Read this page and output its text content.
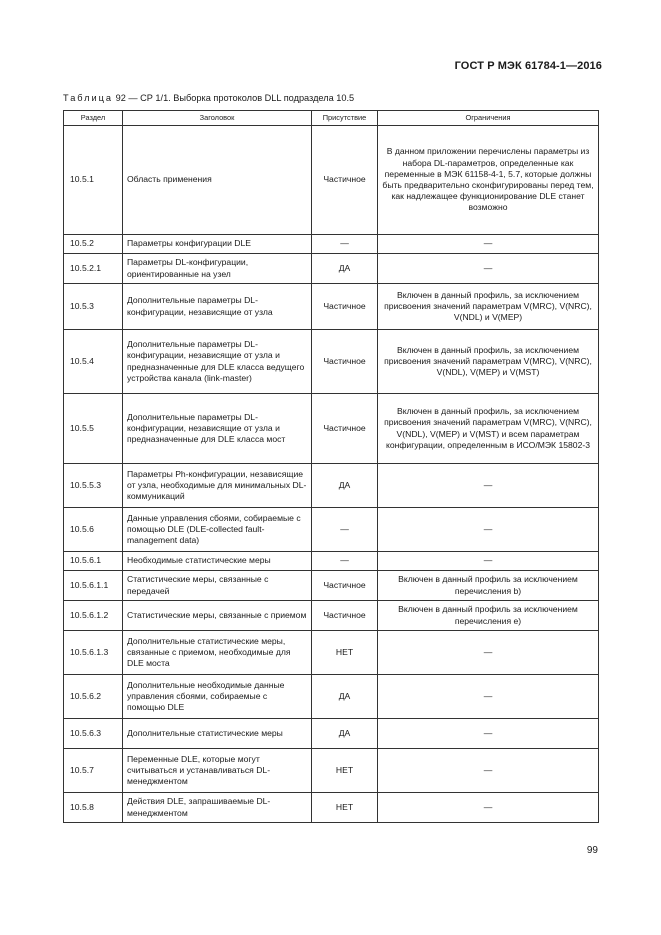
ГОСТ Р МЭК 61784-1—2016
Таблица 92 — СР 1/1. Выборка протоколов DLL подраздела 10.5
Раздел	Заголовок	Присутствие	Ограничения
10.5.1	Область применения	Частичное	В данном приложении перечислены параметры из набора DL-параметров, определенные как переменные в МЭК 61158-4-1, 5.7, которые должны быть предварительно сконфигурированы перед тем, как надлежащее функционирование DLE станет возможно
10.5.2	Параметры конфигурации DLE	—	—
10.5.2.1	Параметры DL-конфигурации, ориентированные на узел	ДА	—
10.5.3	Дополнительные параметры DL-конфигурации, независящие от узла	Частичное	Включен в данный профиль, за исключением присвоения значений параметрам V(MRC), V(NRC), V(NDL) и V(MEP)
10.5.4	Дополнительные параметры DL-конфигурации, независящие от узла и предназначенные для DLE класса ведущего устройства канала (link-master)	Частичное	Включен в данный профиль, за исключением присвоения значений параметрам V(MRC), V(NRC), V(NDL), V(MEP) и V(MST)
10.5.5	Дополнительные параметры DL-конфигурации, независящие от узла и предназначенные для DLE класса мост	Частичное	Включен в данный профиль, за исключением присвоения значений параметрам V(MRC), V(NRC), V(NDL), V(MEP) и V(MST) и всем параметрам конфигурации, определенным в ИСО/МЭК 15802-3
10.5.5.3	Параметры Ph-конфигурации, независящие от узла, необходимые для минимальных DL-коммуникаций	ДА	—
10.5.6	Данные управления сбоями, собираемые с помощью DLE (DLE-collected fault-management data)	—	—
10.5.6.1	Необходимые статистические меры	—	—
10.5.6.1.1	Статистические меры, связанные с передачей	Частичное	Включен в данный профиль за исключением перечисления b)
10.5.6.1.2	Статистические меры, связанные с приемом	Частичное	Включен в данный профиль за исключением перечисления е)
10.5.6.1.3	Дополнительные статистические меры, связанные с приемом, необходимые для DLE моста	НЕТ	—
10.5.6.2	Дополнительные необходимые данные управления сбоями, собираемые с помощью DLE	ДА	—
10.5.6.3	Дополнительные статистические меры	ДА	—
10.5.7	Переменные DLE, которые могут считываться и устанавливаться DL-менеджментом	НЕТ	—
10.5.8	Действия DLE, запрашиваемые DL-менеджментом	НЕТ	—
99
